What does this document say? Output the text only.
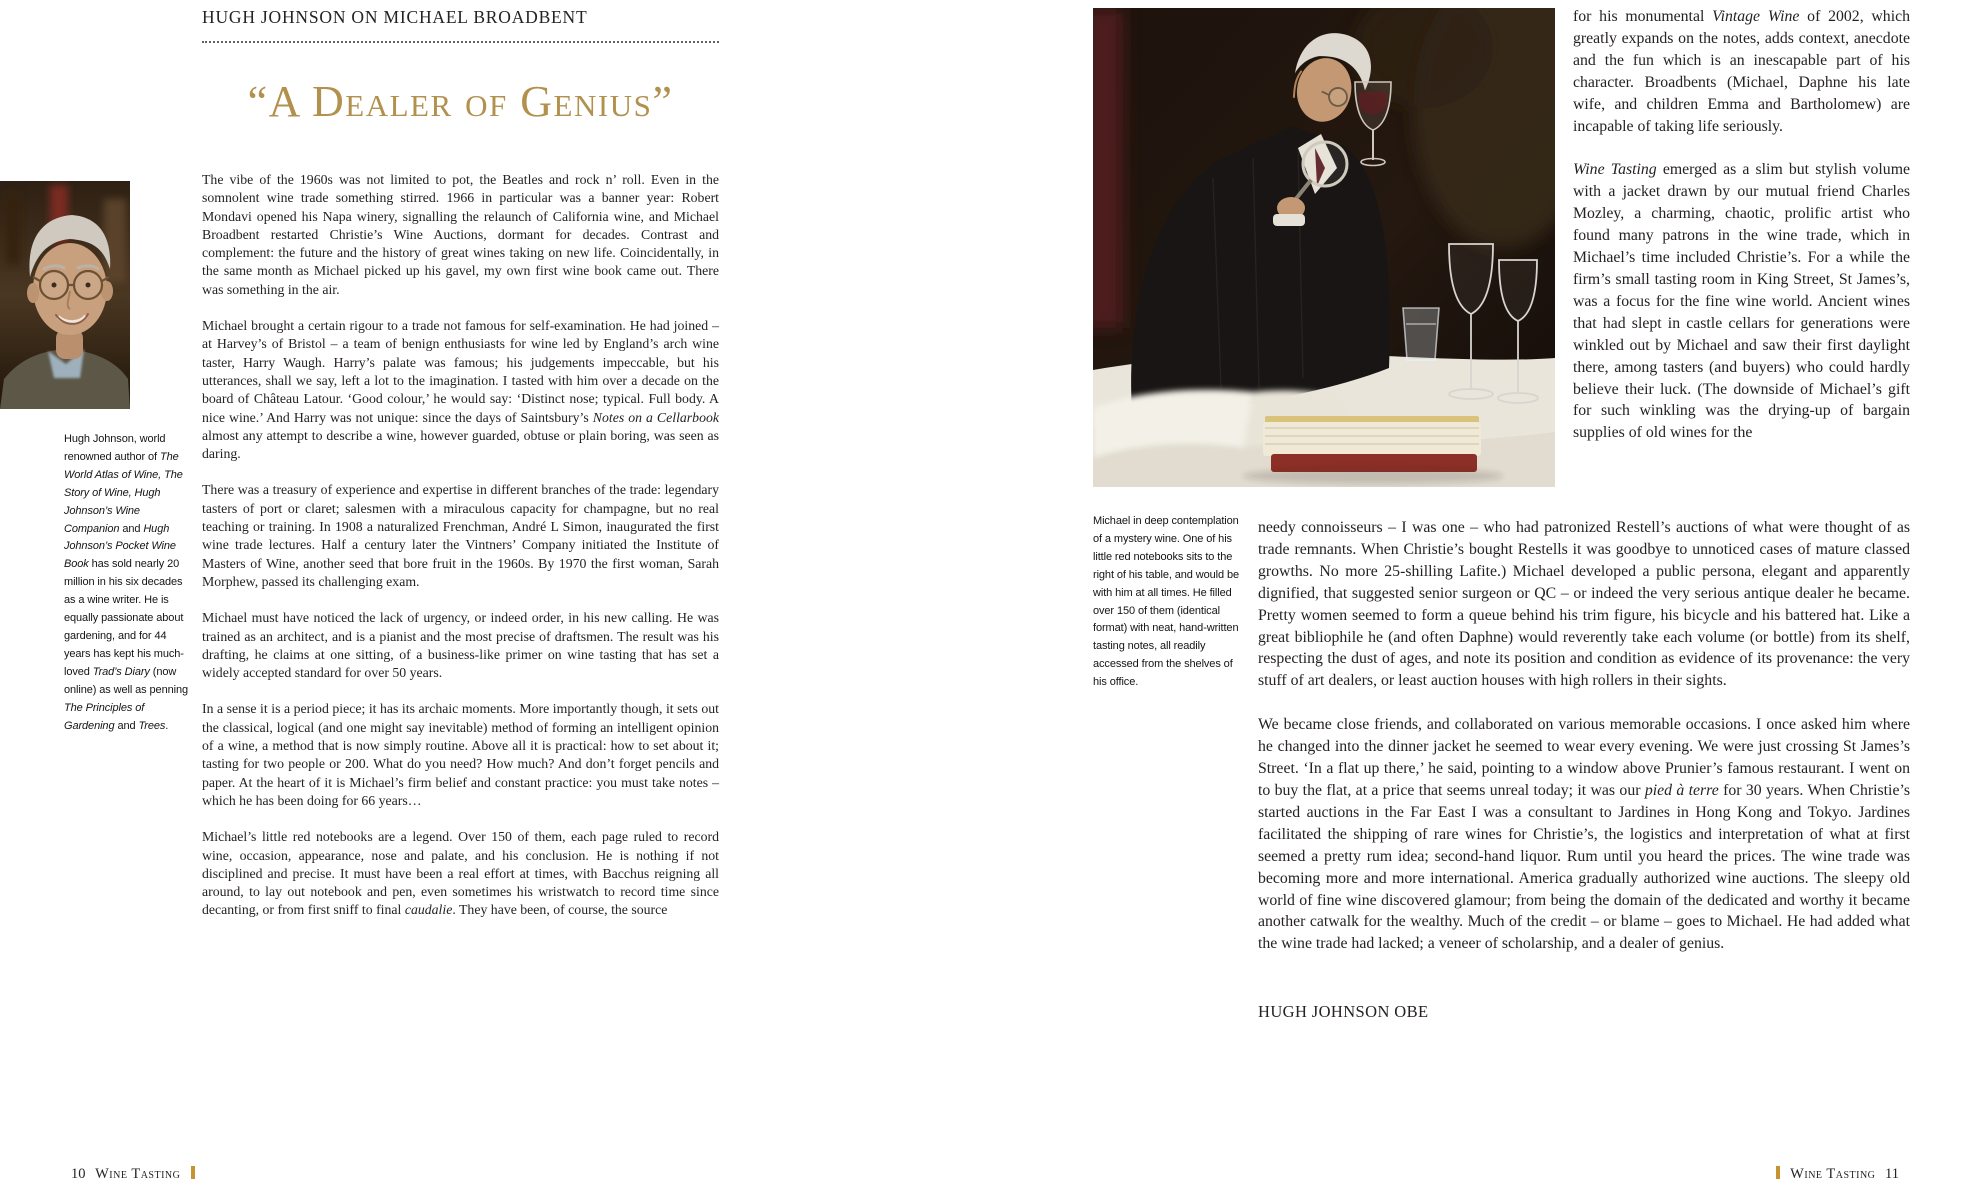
HUGH JOHNSON ON MICHAEL BROADBENT
“A Dealer of Genius”
Hugh Johnson, world renowned author of The World Atlas of Wine, The Story of Wine, Hugh Johnson’s Wine Companion and Hugh Johnson’s Pocket Wine Book has sold nearly 20 million in his six decades as a wine writer. He is equally passionate about gardening, and for 44 years has kept his much-loved Trad’s Diary (now online) as well as penning The Principles of Gardening and Trees.

The vibe of the 1960s was not limited to pot, the Beatles and rock n’ roll. Even in the somnolent wine trade something stirred. 1966 in particular was a banner year: Robert Mondavi opened his Napa winery, signalling the relaunch of California wine, and Michael Broadbent restarted Christie’s Wine Auctions, dormant for decades. Contrast and complement: the future and the history of great wines taking on new life. Coincidentally, in the same month as Michael picked up his gavel, my own first wine book came out. There was something in the air.

Michael brought a certain rigour to a trade not famous for self-examination. He had joined – at Harvey’s of Bristol – a team of benign enthusiasts for wine led by England’s arch wine taster, Harry Waugh. Harry’s palate was famous; his judgements impeccable, but his utterances, shall we say, left a lot to the imagination. I tasted with him over a decade on the board of Château Latour. ‘Good colour,’ he would say: ‘Distinct nose; typical. Full body. A nice wine.’ And Harry was not unique: since the days of Saintsbury’s Notes on a Cellarbook almost any attempt to describe a wine, however guarded, obtuse or plain boring, was seen as daring.

There was a treasury of experience and expertise in different branches of the trade: legendary tasters of port or claret; salesmen with a miraculous capacity for champagne, but no real teaching or training. In 1908 a naturalized Frenchman, André L Simon, inaugurated the first wine trade lectures. Half a century later the Vintners’ Company initiated the Institute of Masters of Wine, another seed that bore fruit in the 1960s. By 1970 the first woman, Sarah Morphew, passed its challenging exam.

Michael must have noticed the lack of urgency, or indeed order, in his new calling. He was trained as an architect, and is a pianist and the most precise of draftsmen. The result was his drafting, he claims at one sitting, of a business-like primer on wine tasting that has set a widely accepted standard for over 50 years.

In a sense it is a period piece; it has its archaic moments. More importantly though, it sets out the classical, logical (and one might say inevitable) method of forming an intelligent opinion of a wine, a method that is now simply routine. Above all it is practical: how to set about it; tasting for two people or 200. What do you need? How much? And don’t forget pencils and paper. At the heart of it is Michael’s firm belief and constant practice: you must take notes – which he has been doing for 66 years…

Michael’s little red notebooks are a legend. Over 150 of them, each page ruled to record wine, occasion, appearance, nose and palate, and his conclusion. He is nothing if not disciplined and precise. It must have been a real effort at times, with Bacchus reigning all around, to lay out notebook and pen, even sometimes his wristwatch to record time since decanting, or from first sniff to final caudalie. They have been, of course, the source

10 Wine Tasting

for his monumental Vintage Wine of 2002, which greatly expands on the notes, adds context, anecdote and the fun which is an inescapable part of his character. Broadbents (Michael, Daphne his late wife, and children Emma and Bartholomew) are incapable of taking life seriously.

Wine Tasting emerged as a slim but stylish volume with a jacket drawn by our mutual friend Charles Mozley, a charming, chaotic, prolific artist who found many patrons in the wine trade, which in Michael’s time included Christie’s. For a while the firm’s small tasting room in King Street, St James’s, was a focus for the fine wine world. Ancient wines that had slept in castle cellars for generations were winkled out by Michael and saw their first daylight there, among tasters (and buyers) who could hardly believe their luck. (The downside of Michael’s gift for such winkling was the drying-up of bargain supplies of old wines for the

Michael in deep contemplation of a mystery wine. One of his little red notebooks sits to the right of his table, and would be with him at all times. He filled over 150 of them (identical format) with neat, hand-written tasting notes, all readily accessed from the shelves of his office.

needy connoisseurs – I was one – who had patronized Restell’s auctions of what were thought of as trade remnants. When Christie’s bought Restells it was goodbye to unnoticed cases of mature classed growths. No more 25-shilling Lafite.) Michael developed a public persona, elegant and apparently dignified, that suggested senior surgeon or QC – or indeed the very serious antique dealer he became. Pretty women seemed to form a queue behind his trim figure, his bicycle and his battered hat. Like a great bibliophile he (and often Daphne) would reverently take each volume (or bottle) from its shelf, respecting the dust of ages, and note its position and condition as evidence of its provenance: the very stuff of art dealers, or least auction houses with high rollers in their sights.

We became close friends, and collaborated on various memorable occasions. I once asked him where he changed into the dinner jacket he seemed to wear every evening. We were just crossing St James’s Street. ‘In a flat up there,’ he said, pointing to a window above Prunier’s famous restaurant. I went on to buy the flat, at a price that seems unreal today; it was our pied à terre for 30 years. When Christie’s started auctions in the Far East I was a consultant to Jardines in Hong Kong and Tokyo. Jardines facilitated the shipping of rare wines for Christie’s, the logistics and interpretation of what at first seemed a pretty rum idea; second-hand liquor. Rum until you heard the prices. The wine trade was becoming more and more international. America gradually authorized wine auctions. The sleepy old world of fine wine discovered glamour; from being the domain of the dedicated and worthy it became another catwalk for the wealthy. Much of the credit – or blame – goes to Michael. He had added what the wine trade had lacked; a veneer of scholarship, and a dealer of genius.

HUGH JOHNSON OBE
Wine Tasting 11
